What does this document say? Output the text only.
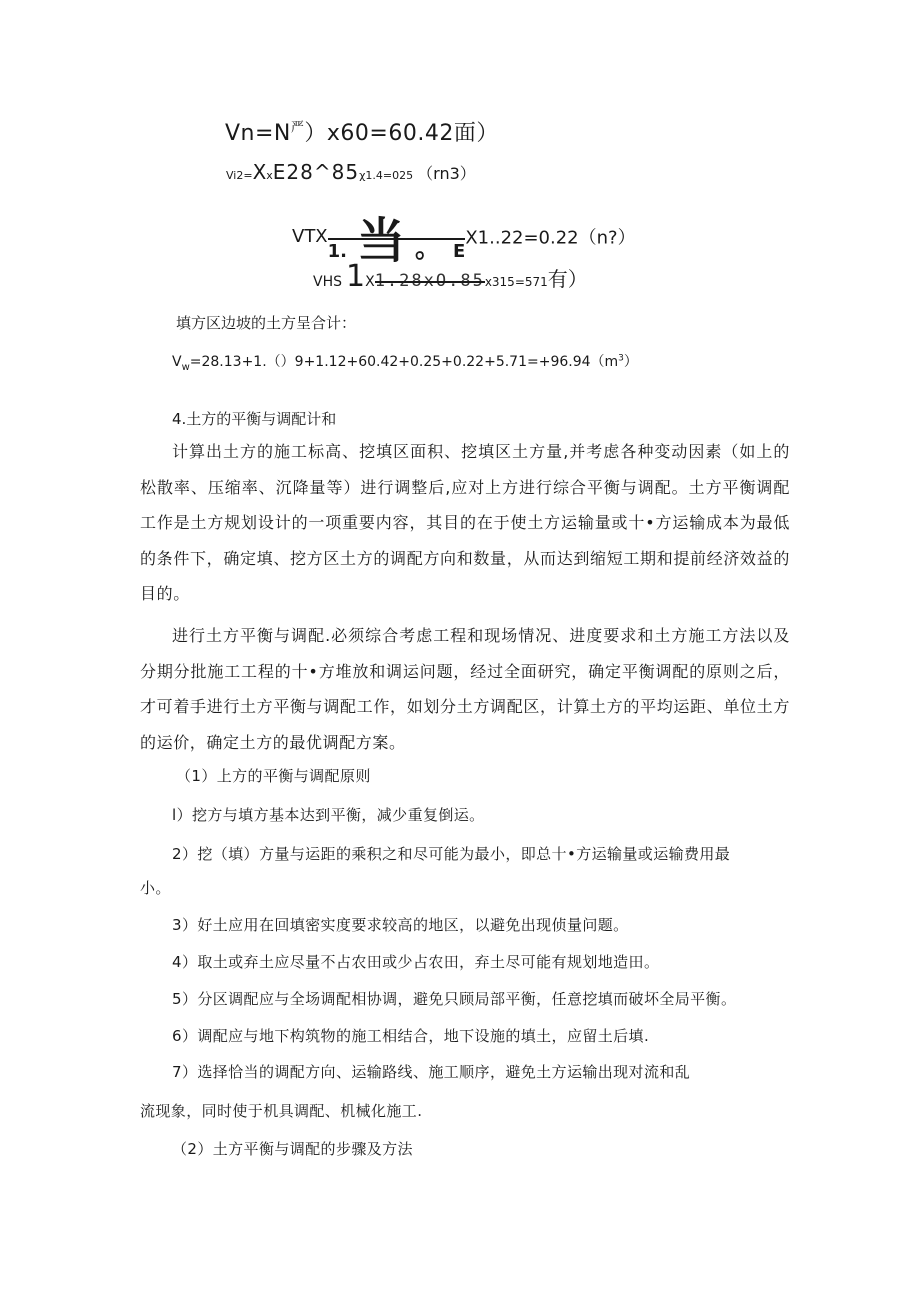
$Vn=N^严)x60=60.42$面）
Vi2=XxE28^85χ1.4=025 （rn3）
VTX1. 当 。 EX1..22=0.22（n?）
VHS 1X1.28xO.85x315=571有）
填方区边坡的土方呈合计：
$V_w=28.13+1.()9+1.12+60.42+0.25+0.22+5.71=+96.94(m^3)$
4.土方的平衡与调配计和
计算出土方的施工标高、挖填区面积、挖填区土方量,并考虑各种变动因素（如上的松散率、压缩率、沉降量等）进行调整后,应对上方进行综合平衡与调配。土方平衡调配工作是土方规划设计的一项重要内容，其目的在于使土方运输量或十•方运输成本为最低的条件下，确定填、挖方区土方的调配方向和数量，从而达到缩短工期和提前经济效益的目的。
进行土方平衡与调配.必须综合考虑工程和现场情况、进度要求和土方施工方法以及分期分批施工工程的十•方堆放和调运问题，经过全面研究，确定平衡调配的原则之后，才可着手进行土方平衡与调配工作，如划分土方调配区，计算土方的平均运距、单位土方的运价，确定土方的最优调配方案。
（1）上方的平衡与调配原则
l）挖方与填方基本达到平衡，减少重复倒运。
2）挖（填）方量与运距的乘积之和尽可能为最小，即总十•方运输量或运输费用最
小。
3）好土应用在回填密实度要求较高的地区，以避免出现侦量问题。
4）取土或弃土应尽量不占农田或少占农田，弃土尽可能有规划地造田。
5）分区调配应与全场调配相协调，避免只顾局部平衡，任意挖填而破坏全局平衡。
6）调配应与地下构筑物的施工相结合，地下设施的填土，应留土后填.
7）选择恰当的调配方向、运输路线、施工顺序，避免土方运输出现对流和乱
流现象，同时使于机具调配、机械化施工.
（2）土方平衡与调配的步骤及方法
